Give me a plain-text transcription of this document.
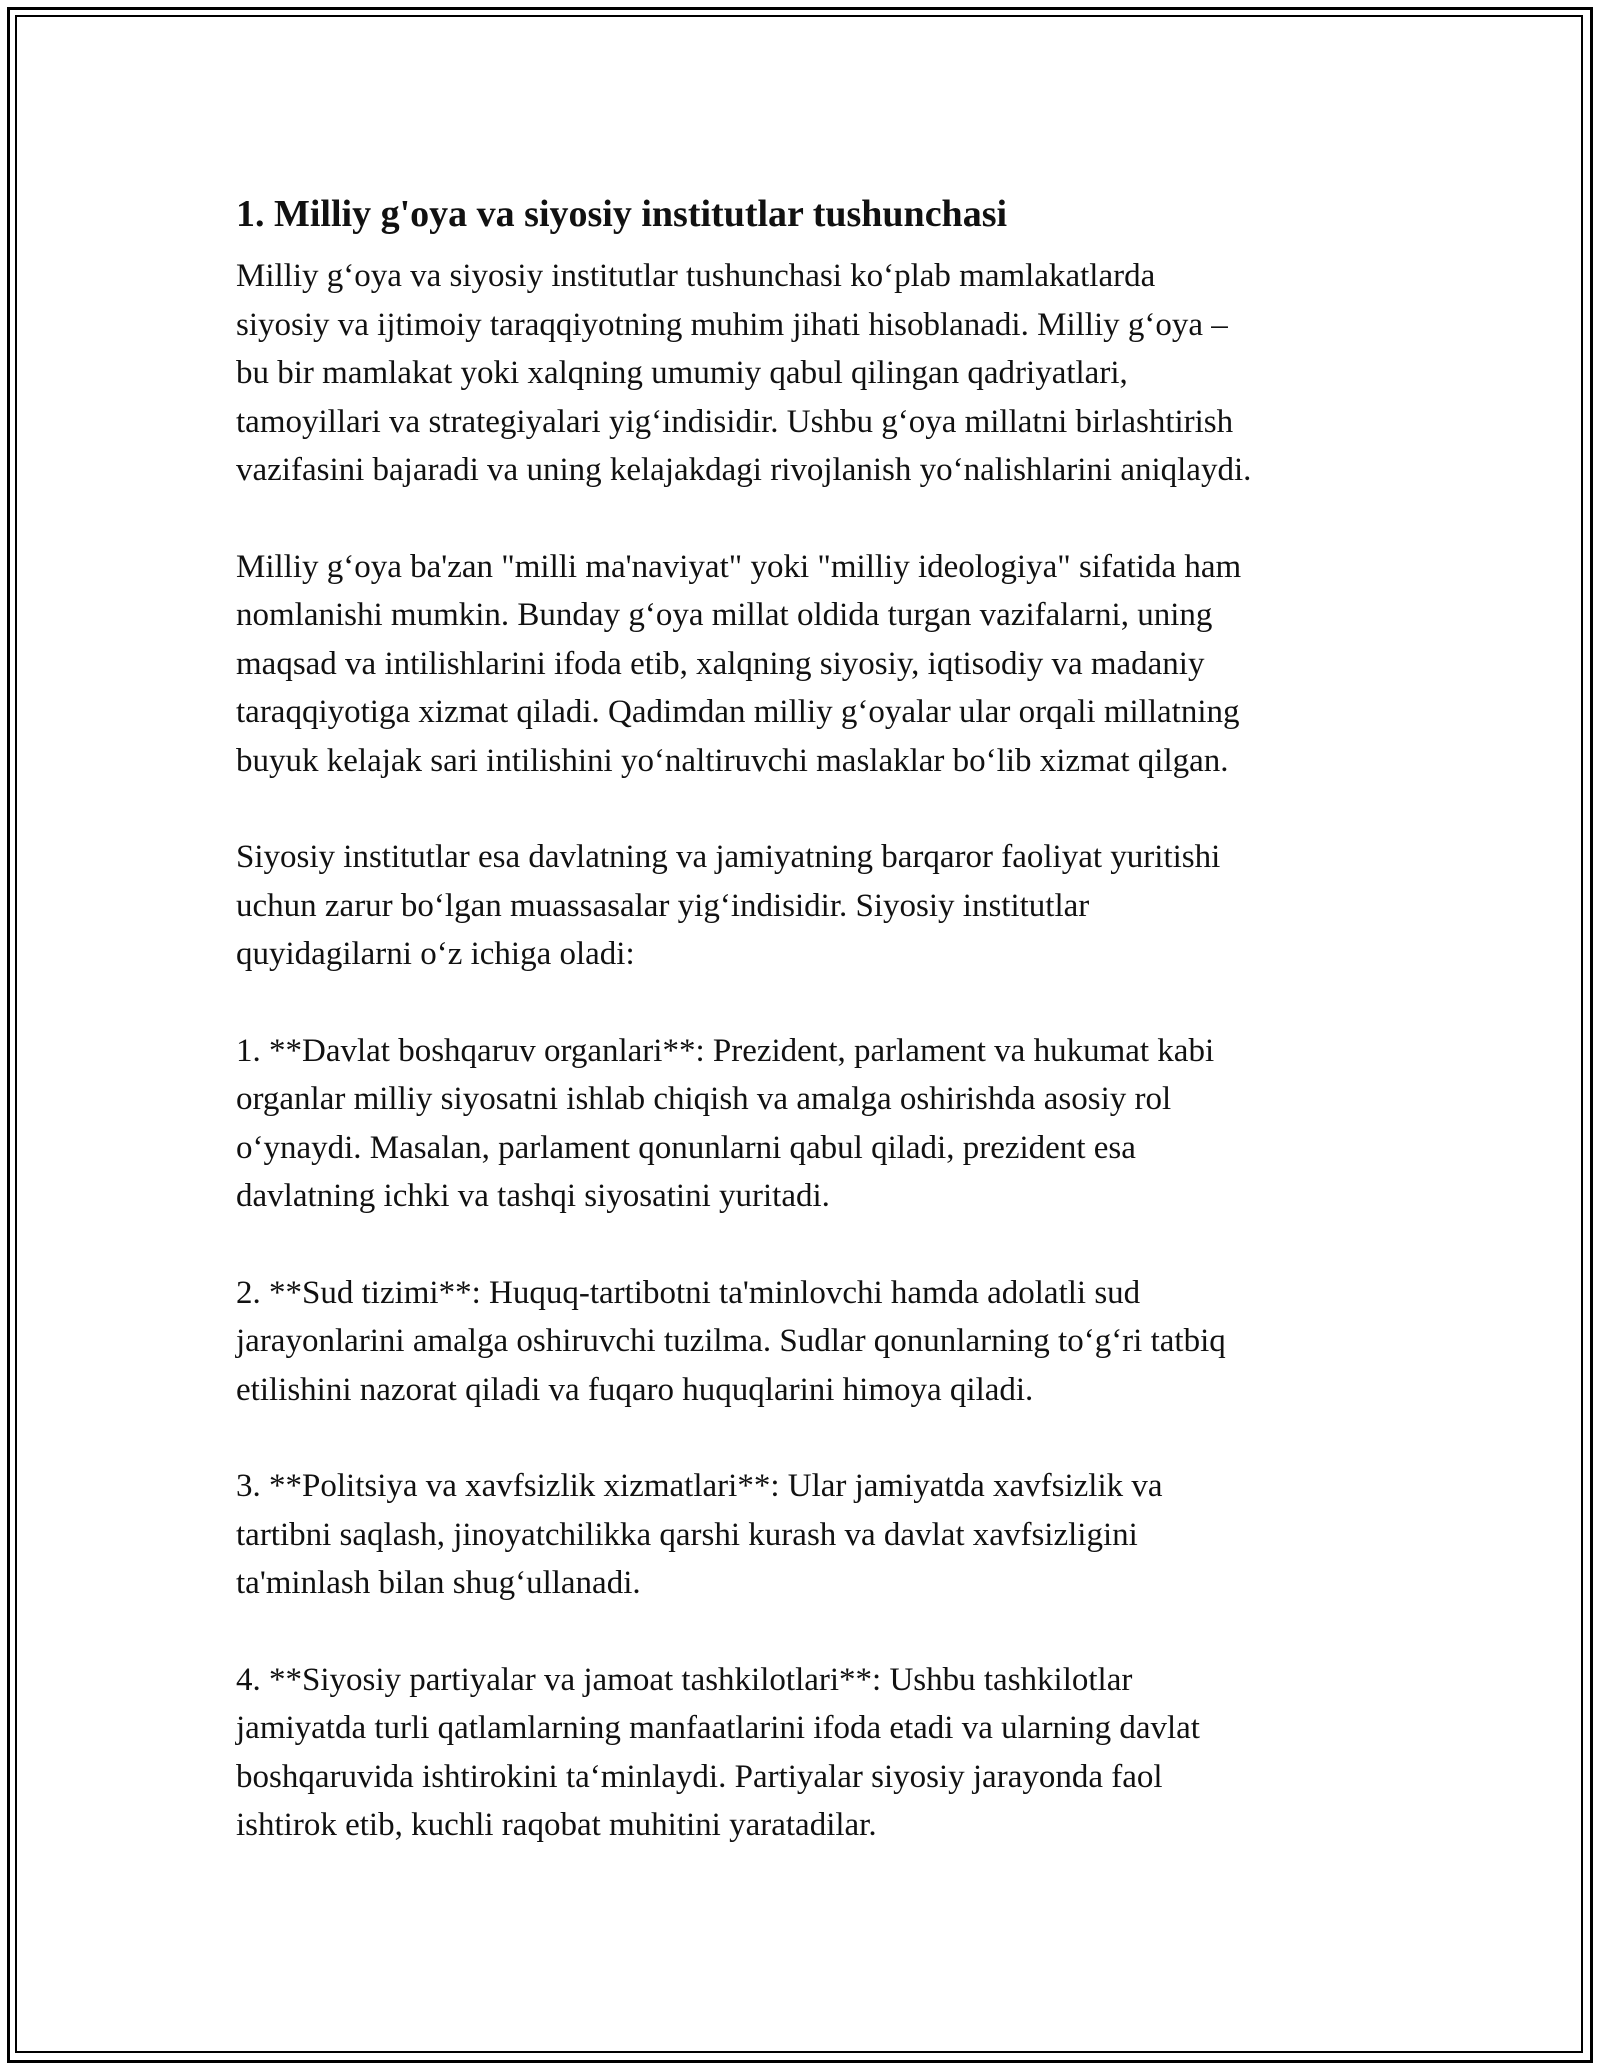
1. Milliy g'oya va siyosiy institutlar tushunchasi

Milliy g‘oya va siyosiy institutlar tushunchasi ko‘plab mamlakatlarda
siyosiy va ijtimoiy taraqqiyotning muhim jihati hisoblanadi. Milliy g‘oya –
bu bir mamlakat yoki xalqning umumiy qabul qilingan qadriyatlari,
tamoyillari va strategiyalari yig‘indisidir. Ushbu g‘oya millatni birlashtirish
vazifasini bajaradi va uning kelajakdagi rivojlanish yo‘nalishlarini aniqlaydi.

Milliy g‘oya ba'zan "milli ma'naviyat" yoki "milliy ideologiya" sifatida ham
nomlanishi mumkin. Bunday g‘oya millat oldida turgan vazifalarni, uning
maqsad va intilishlarini ifoda etib, xalqning siyosiy, iqtisodiy va madaniy
taraqqiyotiga xizmat qiladi. Qadimdan milliy g‘oyalar ular orqali millatning
buyuk kelajak sari intilishini yo‘naltiruvchi maslaklar bo‘lib xizmat qilgan.

Siyosiy institutlar esa davlatning va jamiyatning barqaror faoliyat yuritishi
uchun zarur bo‘lgan muassasalar yig‘indisidir. Siyosiy institutlar
quyidagilarni o‘z ichiga oladi:

1. **Davlat boshqaruv organlari**: Prezident, parlament va hukumat kabi
organlar milliy siyosatni ishlab chiqish va amalga oshirishda asosiy rol
o‘ynaydi. Masalan, parlament qonunlarni qabul qiladi, prezident esa
davlatning ichki va tashqi siyosatini yuritadi.

2. **Sud tizimi**: Huquq-tartibotni ta'minlovchi hamda adolatli sud
jarayonlarini amalga oshiruvchi tuzilma. Sudlar qonunlarning to‘g‘ri tatbiq
etilishini nazorat qiladi va fuqaro huquqlarini himoya qiladi.

3. **Politsiya va xavfsizlik xizmatlari**: Ular jamiyatda xavfsizlik va
tartibni saqlash, jinoyatchilikka qarshi kurash va davlat xavfsizligini
ta'minlash bilan shug‘ullanadi.

4. **Siyosiy partiyalar va jamoat tashkilotlari**: Ushbu tashkilotlar
jamiyatda turli qatlamlarning manfaatlarini ifoda etadi va ularning davlat
boshqaruvida ishtirokini ta‘minlaydi. Partiyalar siyosiy jarayonda faol
ishtirok etib, kuchli raqobat muhitini yaratadilar.
